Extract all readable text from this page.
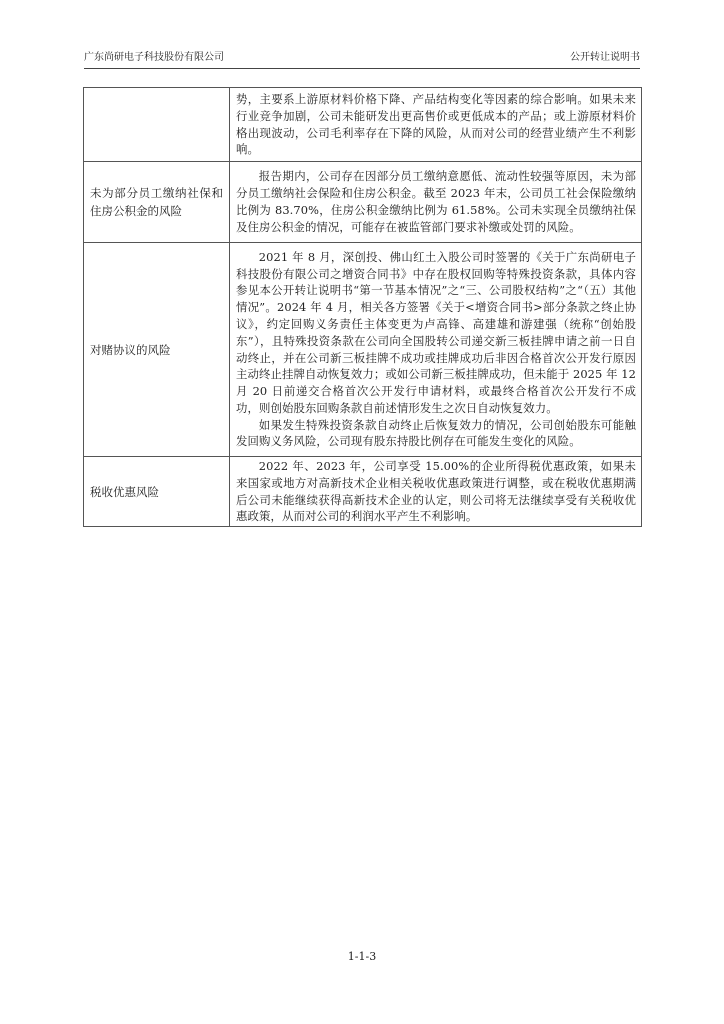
广东尚研电子科技股份有限公司	公开转让说明书

	势，主要系上游原材料价格下降、产品结构变化等因素的综合影响。如果未来行业竞争加剧，公司未能研发出更高售价或更低成本的产品；或上游原材料价格出现波动，公司毛利率存在下降的风险，从而对公司的经营业绩产生不利影响。

未为部分员工缴纳社保和住房公积金的风险	报告期内，公司存在因部分员工缴纳意愿低、流动性较强等原因，未为部分员工缴纳社会保险和住房公积金。截至 2023 年末，公司员工社会保险缴纳比例为 83.70%，住房公积金缴纳比例为 61.58%。公司未实现全员缴纳社保及住房公积金的情况，可能存在被监管部门要求补缴或处罚的风险。

对赌协议的风险	2021 年 8 月，深创投、佛山红土入股公司时签署的《关于广东尚研电子科技股份有限公司之增资合同书》中存在股权回购等特殊投资条款，具体内容参见本公开转让说明书“第一节基本情况”之“三、公司股权结构”之“（五）其他情况”。2024 年 4 月，相关各方签署《关于<增资合同书>部分条款之终止协议》，约定回购义务责任主体变更为卢高锋、高建雄和游建强（统称“创始股东”），且特殊投资条款在公司向全国股转公司递交新三板挂牌申请之前一日自动终止，并在公司新三板挂牌不成功或挂牌成功后非因合格首次公开发行原因主动终止挂牌自动恢复效力；或如公司新三板挂牌成功，但未能于 2025 年 12 月 20 日前递交合格首次公开发行申请材料，或最终合格首次公开发行不成功，则创始股东回购条款自前述情形发生之次日自动恢复效力。

如果发生特殊投资条款自动终止后恢复效力的情况，公司创始股东可能触发回购义务风险，公司现有股东持股比例存在可能发生变化的风险。

税收优惠风险	2022 年、2023 年，公司享受 15.00%的企业所得税优惠政策，如果未来国家或地方对高新技术企业相关税收优惠政策进行调整，或在税收优惠期满后公司未能继续获得高新技术企业的认定，则公司将无法继续享受有关税收优惠政策，从而对公司的利润水平产生不利影响。

1-1-3
